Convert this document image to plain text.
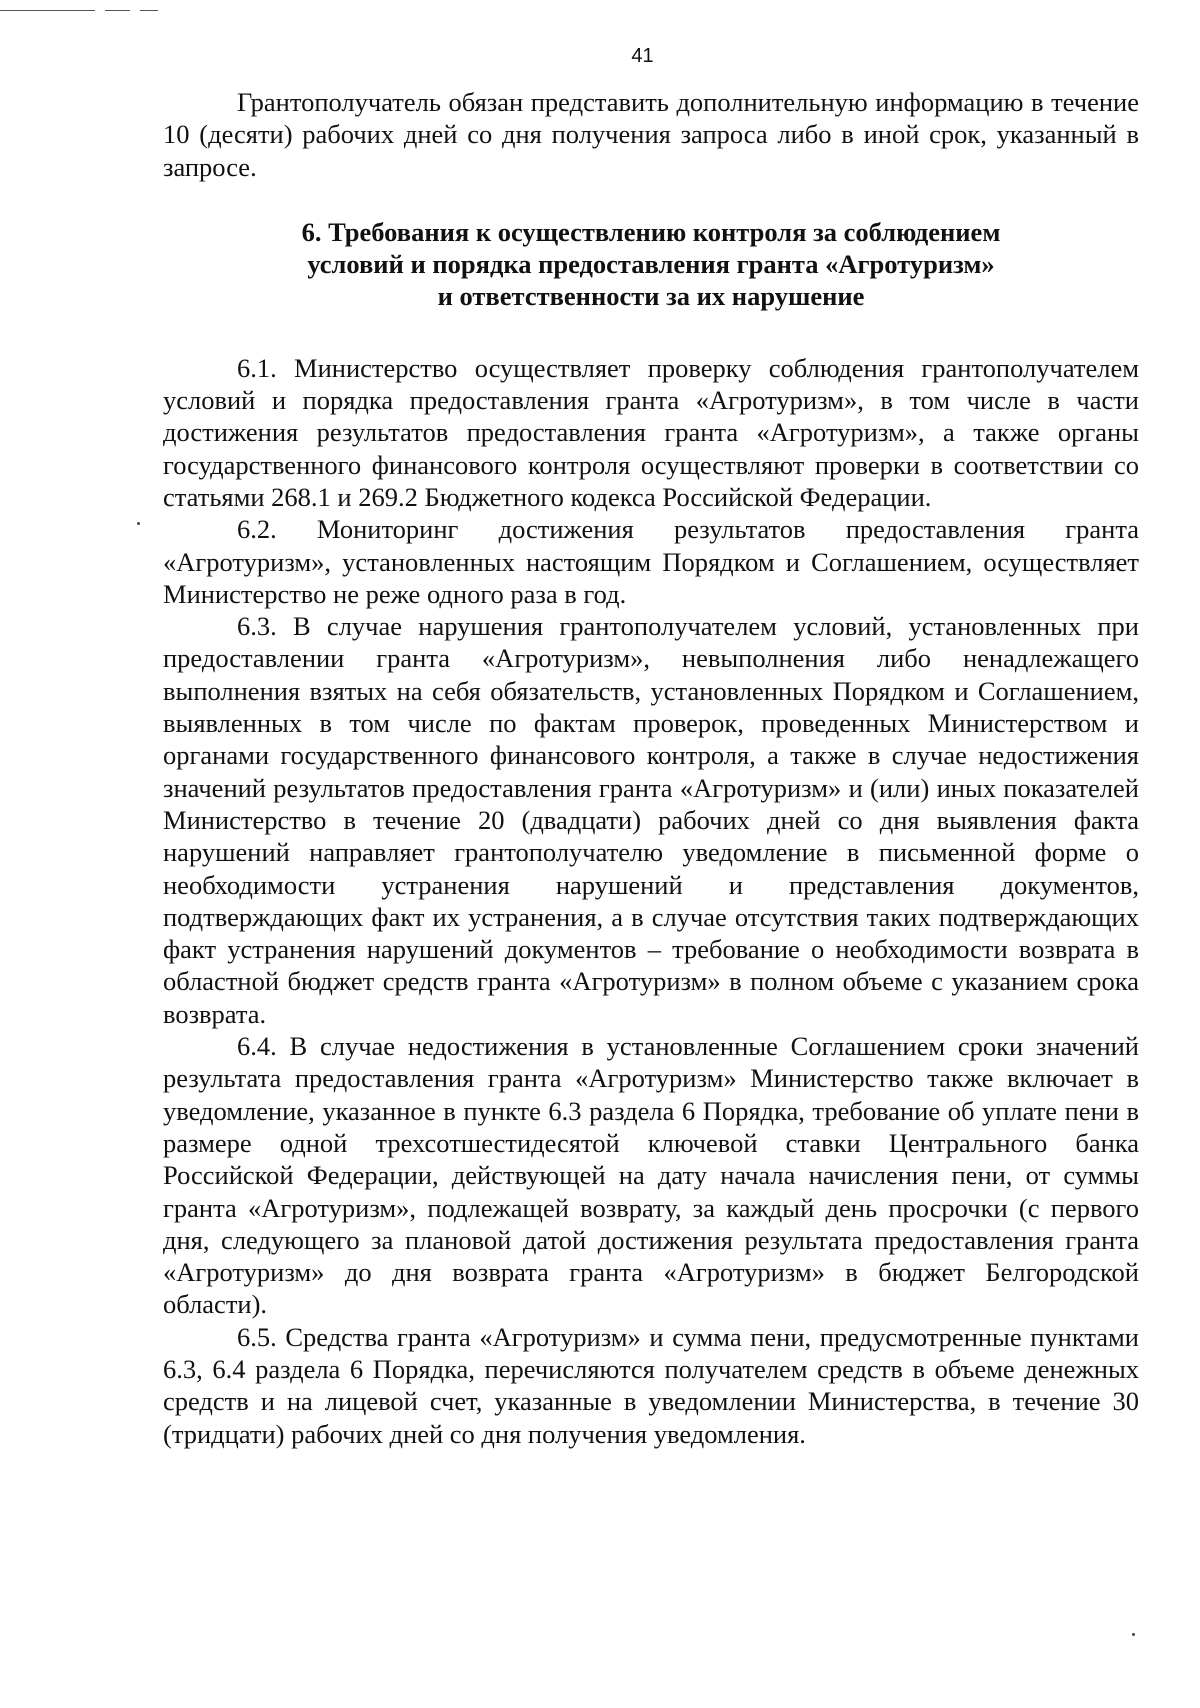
41

Грантополучатель обязан представить дополнительную информацию в течение 10 (десяти) рабочих дней со дня получения запроса либо в иной срок, указанный в запросе.

6. Требования к осуществлению контроля за соблюдением
условий и порядка предоставления гранта «Агротуризм»
и ответственности за их нарушение

6.1. Министерство осуществляет проверку соблюдения грантополучателем условий и порядка предоставления гранта «Агротуризм», в том числе в части достижения результатов предоставления гранта «Агротуризм», а также органы государственного финансового контроля осуществляют проверки в соответствии со статьями 268.1 и 269.2 Бюджетного кодекса Российской Федерации.

6.2. Мониторинг достижения результатов предоставления гранта «Агротуризм», установленных настоящим Порядком и Соглашением, осуществляет Министерство не реже одного раза в год.

6.3. В случае нарушения грантополучателем условий, установленных при предоставлении гранта «Агротуризм», невыполнения либо ненадлежащего выполнения взятых на себя обязательств, установленных Порядком и Соглашением, выявленных в том числе по фактам проверок, проведенных Министерством и органами государственного финансового контроля, а также в случае недостижения значений результатов предоставления гранта «Агротуризм» и (или) иных показателей Министерство в течение 20 (двадцати) рабочих дней со дня выявления факта нарушений направляет грантополучателю уведомление в письменной форме о необходимости устранения нарушений и представления документов, подтверждающих факт их устранения, а в случае отсутствия таких подтверждающих факт устранения нарушений документов – требование о необходимости возврата в областной бюджет средств гранта «Агротуризм» в полном объеме с указанием срока возврата.

6.4. В случае недостижения в установленные Соглашением сроки значений результата предоставления гранта «Агротуризм» Министерство также включает в уведомление, указанное в пункте 6.3 раздела 6 Порядка, требование об уплате пени в размере одной трехсотшестидесятой ключевой ставки Центрального банка Российской Федерации, действующей на дату начала начисления пени, от суммы гранта «Агротуризм», подлежащей возврату, за каждый день просрочки (с первого дня, следующего за плановой датой достижения результата предоставления гранта «Агротуризм» до дня возврата гранта «Агротуризм» в бюджет Белгородской области).

6.5. Средства гранта «Агротуризм» и сумма пени, предусмотренные пунктами 6.3, 6.4 раздела 6 Порядка, перечисляются получателем средств в объеме денежных средств и на лицевой счет, указанные в уведомлении Министерства, в течение 30 (тридцати) рабочих дней со дня получения уведомления.
